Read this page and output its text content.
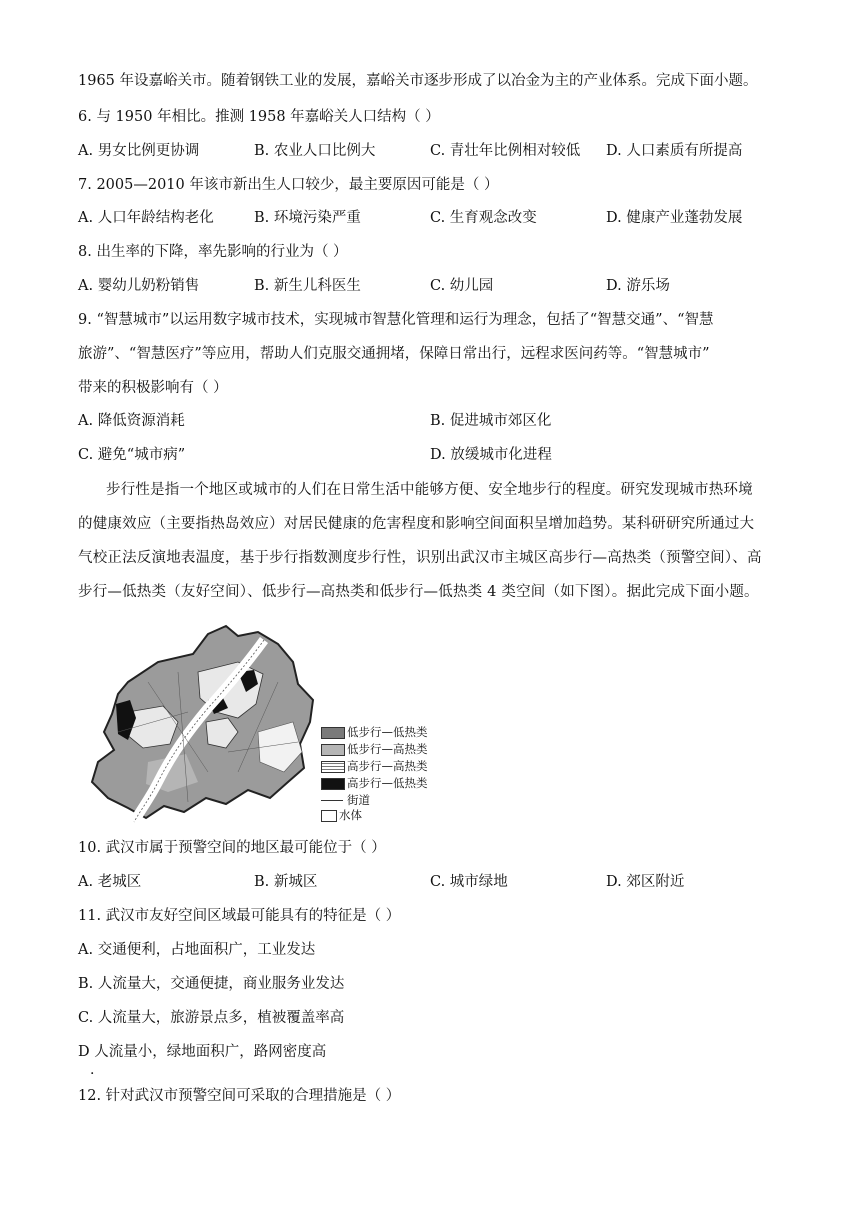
1965 年设嘉峪关市。随着钢铁工业的发展，嘉峪关市逐步形成了以冶金为主的产业体系。完成下面小题。
6. 与 1950 年相比。推测 1958 年嘉峪关人口结构（ ）
A. 男女比例更协调	B. 农业人口比例大	C. 青壮年比例相对较低 D. 人口素质有所提高
7. 2005—2010 年该市新出生人口较少，最主要原因可能是（ ）
A. 人口年龄结构老化	B. 环境污染严重	C. 生育观念改变	D. 健康产业蓬勃发展
8. 出生率的下降，率先影响的行业为（ ）
A. 婴幼儿奶粉销售	B. 新生儿科医生	C. 幼儿园	D. 游乐场
9. “智慧城市”以运用数字城市技术，实现城市智慧化管理和运行为理念，包括了“智慧交通”、“智慧
旅游”、“智慧医疗”等应用，帮助人们克服交通拥堵，保障日常出行，远程求医问药等。“智慧城市”
带来的积极影响有（ ）
A. 降低资源消耗	B. 促进城市郊区化
C. 避免“城市病”	D. 放缓城市化进程
步行性是指一个地区或城市的人们在日常生活中能够方便、安全地步行的程度。研究发现城市热环境
的健康效应（主要指热岛效应）对居民健康的危害程度和影响空间面积呈增加趋势。某科研研究所通过大
气校正法反演地表温度，基于步行指数测度步行性，识别出武汉市主城区高步行—高热类（预警空间）、高
步行—低热类（友好空间）、低步行—高热类和低步行—低热类 4 类空间（如下图）。据此完成下面小题。
低步行—低热类
低步行—高热类
高步行—高热类
高步行—低热类
街道
水体
10. 武汉市属于预警空间的地区最可能位于（ ）
A. 老城区	B. 新城区	C. 城市绿地	D. 郊区附近
11. 武汉市友好空间区域最可能具有的特征是（ ）
A. 交通便利，占地面积广，工业发达
B. 人流量大，交通便捷，商业服务业发达
C. 人流量大，旅游景点多，植被覆盖率高
D 人流量小，绿地面积广，路网密度高
·
12. 针对武汉市预警空间可采取的合理措施是（ ）
